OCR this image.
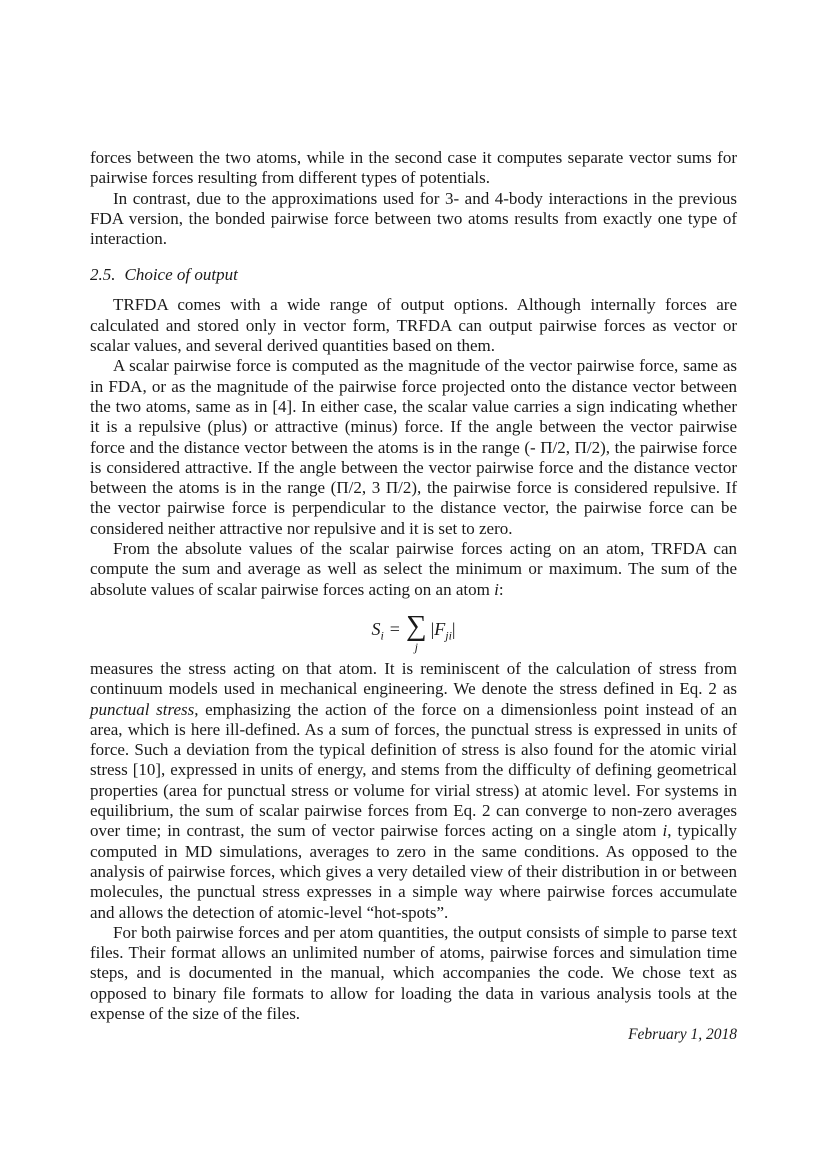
forces between the two atoms, while in the second case it computes separate vector sums for pairwise forces resulting from different types of potentials.

In contrast, due to the approximations used for 3- and 4-body interactions in the previous FDA version, the bonded pairwise force between two atoms results from exactly one type of interaction.

2.5. Choice of output

TRFDA comes with a wide range of output options. Although internally forces are calculated and stored only in vector form, TRFDA can output pairwise forces as vector or scalar values, and several derived quantities based on them.

A scalar pairwise force is computed as the magnitude of the vector pairwise force, same as in FDA, or as the magnitude of the pairwise force projected onto the distance vector between the two atoms, same as in [4]. In either case, the scalar value carries a sign indicating whether it is a repulsive (plus) or attractive (minus) force. If the angle between the vector pairwise force and the distance vector between the atoms is in the range (- Π/2, Π/2), the pairwise force is considered attractive. If the angle between the vector pairwise force and the distance vector between the atoms is in the range (Π/2, 3 Π/2), the pairwise force is considered repulsive. If the vector pairwise force is perpendicular to the distance vector, the pairwise force can be considered neither attractive nor repulsive and it is set to zero.

From the absolute values of the scalar pairwise forces acting on an atom, TRFDA can compute the sum and average as well as select the minimum or maximum. The sum of the absolute values of scalar pairwise forces acting on an atom i:

$S_i$ = ∑
j
$|F_{ji}|$

measures the stress acting on that atom. It is reminiscent of the calculation of stress from continuum models used in mechanical engineering. We denote the stress defined in Eq. 2 as punctual stress, emphasizing the action of the force on a dimensionless point instead of an area, which is here ill-defined. As a sum of forces, the punctual stress is expressed in units of force. Such a deviation from the typical definition of stress is also found for the atomic virial stress [10], expressed in units of energy, and stems from the difficulty of defining geometrical properties (area for punctual stress or volume for virial stress) at atomic level. For systems in equilibrium, the sum of scalar pairwise forces from Eq. 2 can converge to non-zero averages over time; in contrast, the sum of vector pairwise forces acting on a single atom i, typically computed in MD simulations, averages to zero in the same conditions. As opposed to the analysis of pairwise forces, which gives a very detailed view of their distribution in or between molecules, the punctual stress expresses in a simple way where pairwise forces accumulate and allows the detection of atomic-level “hot-spots”.

For both pairwise forces and per atom quantities, the output consists of simple to parse text files. Their format allows an unlimited number of atoms, pairwise forces and simulation time steps, and is documented in the manual, which accompanies the code. We chose text as opposed to binary file formats to allow for loading the data in various analysis tools at the expense of the size of the files.

February 1, 2018
